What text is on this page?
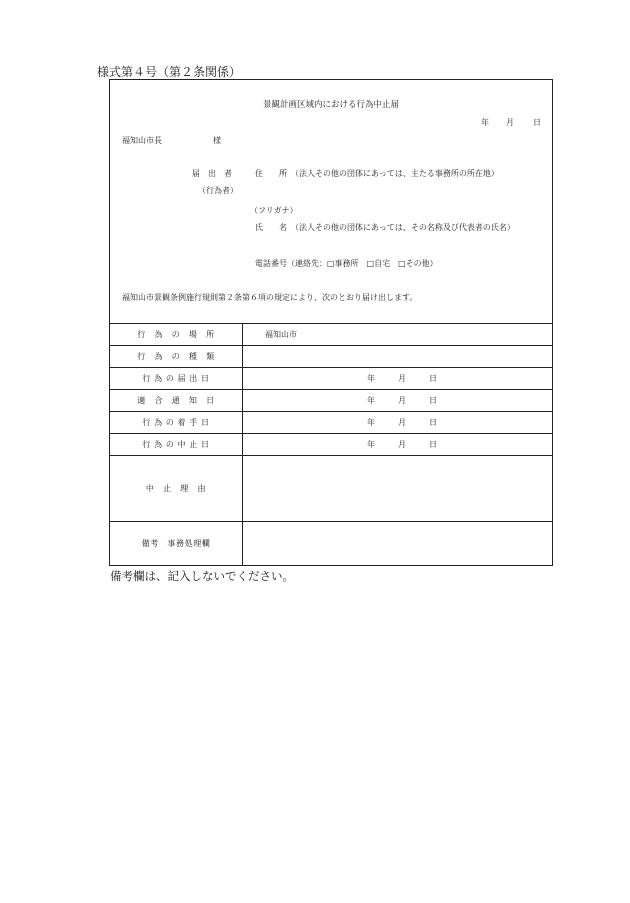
様式第４号（第２条関係）
景観計画区域内における行為中止届
年 月 日
福知山市長	様
届　出　者	住　　所 （法人その他の団体にあっては、主たる事務所の所在地）
（行為者）
（フリガナ）
氏　　名 （法人その他の団体にあっては、その名称及び代表者の氏名）
電話番号（連絡先：□事務所　□自宅　□その他）
福知山市景観条例施行規則第２条第６項の規定により、次のとおり届け出します。
行　為　の　場　所	福知山市
行　為　の　種　類	
行 為 の 届 出 日	年 月 日

適　合　通　知　日	年 月 日

行 為 の 着 手 日	年 月 日

行 為 の 中 止 日	年 月 日

中　止　理　由	
備考　事務処理欄	
備考欄は、記入しないでください。
